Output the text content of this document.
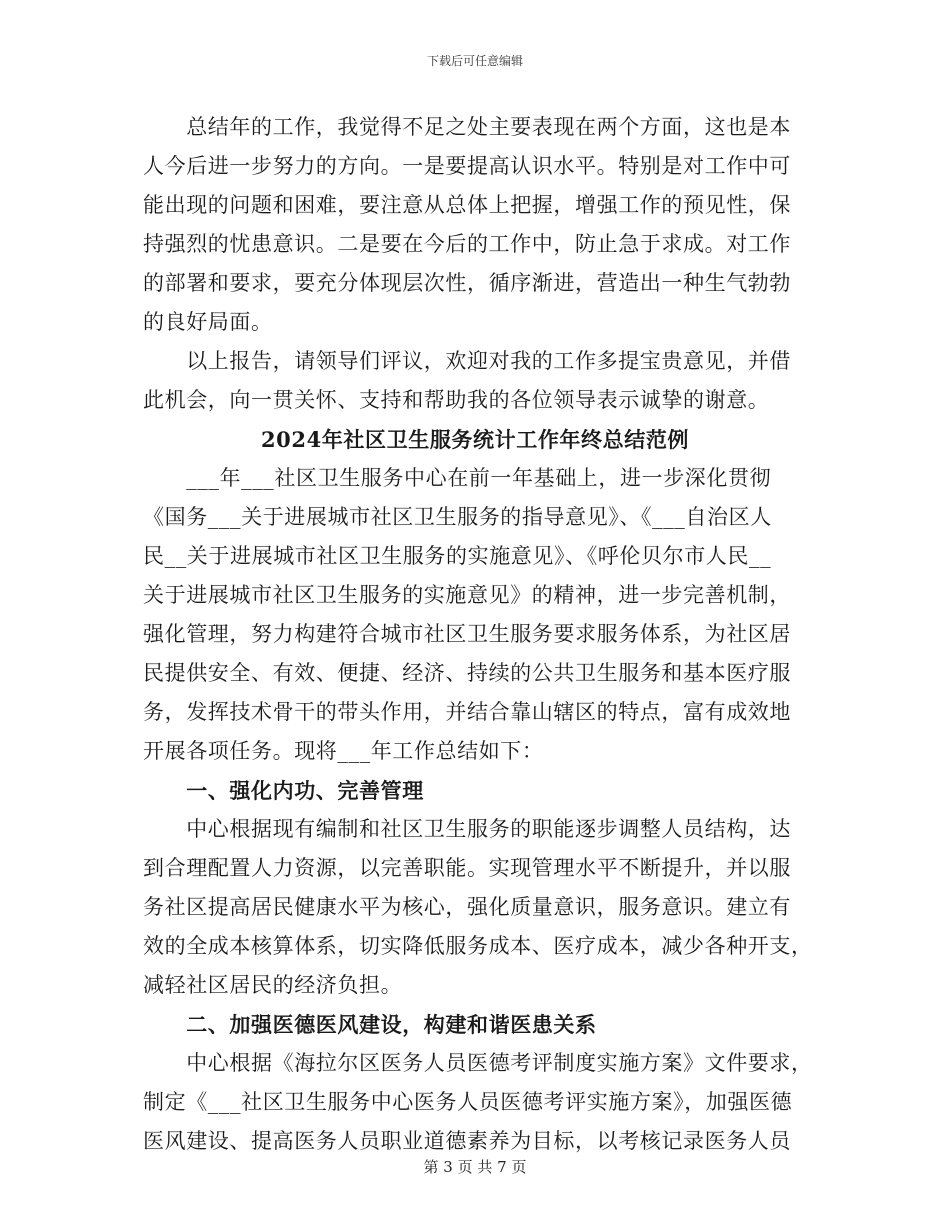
下载后可任意编辑
　　总结年的工作，我觉得不足之处主要表现在两个方面，这也是本
人今后进一步努力的方向。一是要提高认识水平。特别是对工作中可
能出现的问题和困难，要注意从总体上把握，增强工作的预见性，保
持强烈的忧患意识。二是要在今后的工作中，防止急于求成。对工作
的部署和要求，要充分体现层次性，循序渐进，营造出一种生气勃勃
的良好局面。
　　以上报告，请领导们评议，欢迎对我的工作多提宝贵意见，并借
此机会，向一贯关怀、支持和帮助我的各位领导表示诚挚的谢意。
2024年社区卫生服务统计工作年终总结范例
　　___年___社区卫生服务中心在前一年基础上，进一步深化贯彻
《国务___关于进展城市社区卫生服务的指导意见》、《___自治区人
民__关于进展城市社区卫生服务的实施意见》、《呼伦贝尔市人民__
关于进展城市社区卫生服务的实施意见》的精神，进一步完善机制，
强化管理，努力构建符合城市社区卫生服务要求服务体系，为社区居
民提供安全、有效、便捷、经济、持续的公共卫生服务和基本医疗服
务，发挥技术骨干的带头作用，并结合靠山辖区的特点，富有成效地
开展各项任务。现将___年工作总结如下：
　　一、强化内功、完善管理
　　中心根据现有编制和社区卫生服务的职能逐步调整人员结构，达
到合理配置人力资源，以完善职能。实现管理水平不断提升，并以服
务社区提高居民健康水平为核心，强化质量意识，服务意识。建立有
效的全成本核算体系，切实降低服务成本、医疗成本，减少各种开支，
减轻社区居民的经济负担。
　　二、加强医德医风建设，构建和谐医患关系
　　中心根据《海拉尔区医务人员医德考评制度实施方案》文件要求，
制定《___社区卫生服务中心医务人员医德考评实施方案》，加强医德
医风建设、提高医务人员职业道德素养为目标，以考核记录医务人员
第 3 页 共 7 页
